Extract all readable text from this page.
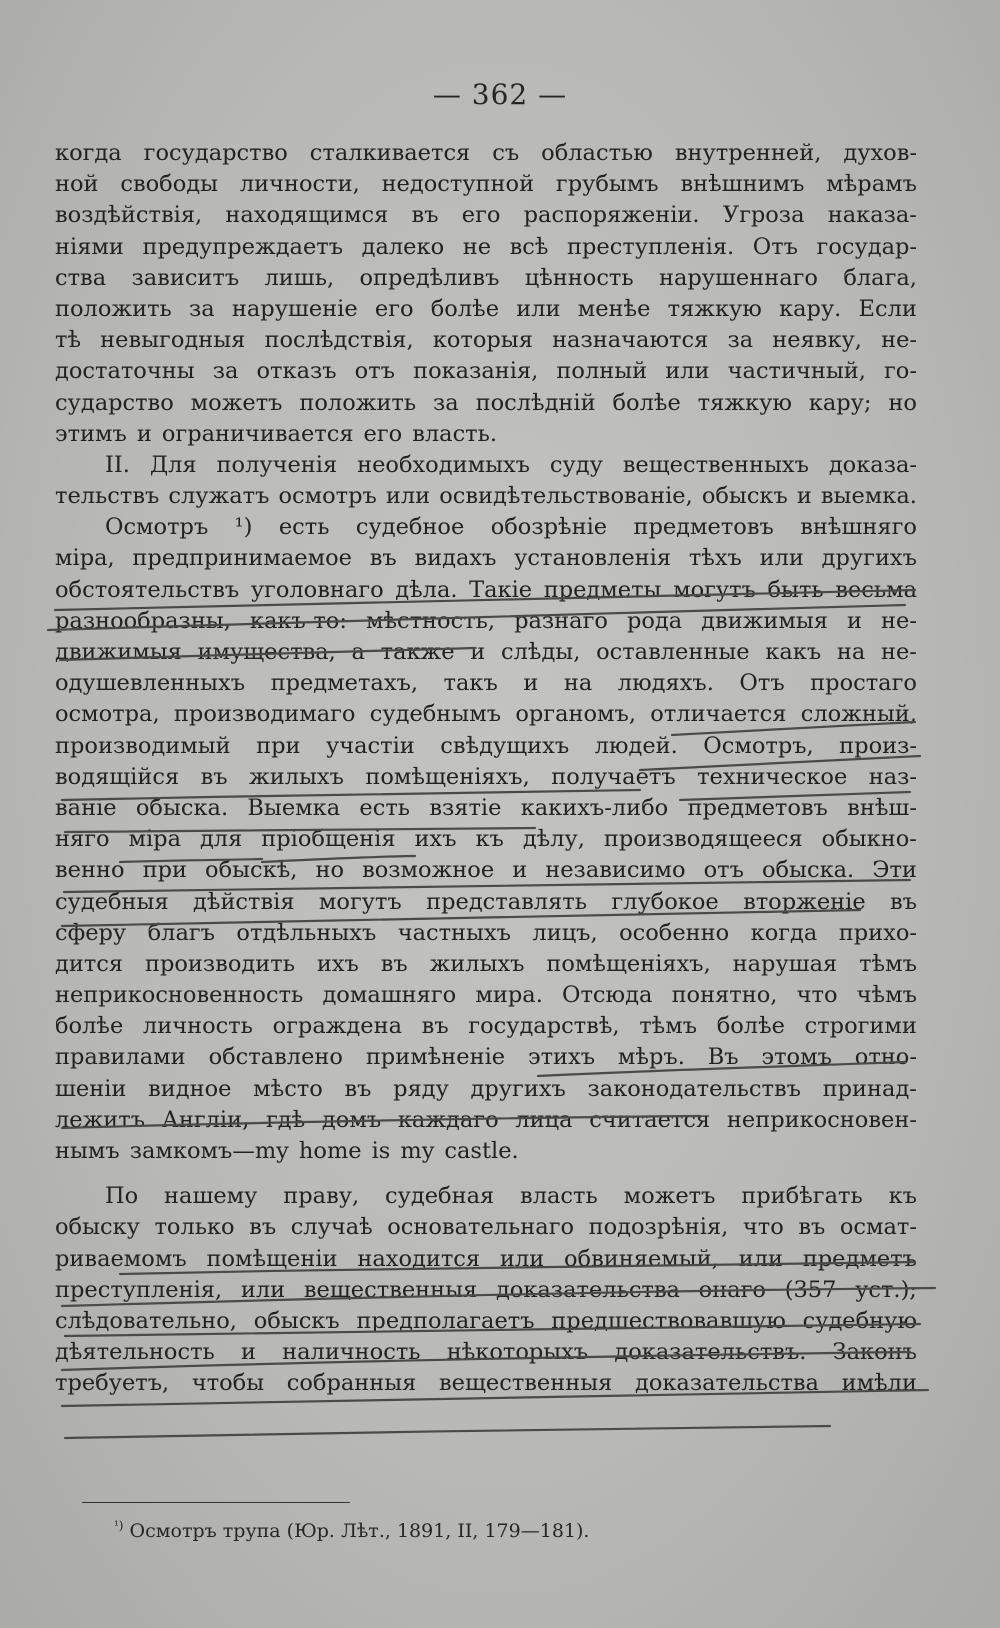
— 362 —
когда государство сталкивается съ областью внутренней, духов-
ной свободы личности, недоступной грубымъ внѣшнимъ мѣрамъ
воздѣйствія, находящимся въ его распоряженіи. Угроза наказа-
ніями предупреждаетъ далеко не всѣ преступленія. Отъ государ-
ства зависитъ лишь, опредѣливъ цѣнность нарушеннаго блага,
положить за нарушеніе его болѣе или менѣе тяжкую кару. Если
тѣ невыгодныя послѣдствія, которыя назначаются за неявку, не-
достаточны за отказъ отъ показанія, полный или частичный, го-
сударство можетъ положить за послѣдній болѣе тяжкую кару; но
этимъ и ограничивается его власть.
II. Для полученія необходимыхъ суду вещественныхъ доказа-
тельствъ служатъ осмотръ или освидѣтельствованіе, обыскъ и выемка.
Осмотръ ¹) есть судебное обозрѣніе предметовъ внѣшняго
міра, предпринимаемое въ видахъ установленія тѣхъ или другихъ
обстоятельствъ уголовнаго дѣла. Такіе предметы могутъ быть весьма
разнообразны, какъ-то: мѣстность, разнаго рода движимыя и не-
движимыя имущества, а также и слѣды, оставленные какъ на не-
одушевленныхъ предметахъ, такъ и на людяхъ. Отъ простаго
осмотра, производимаго судебнымъ органомъ, отличается сложный,
производимый при участіи свѣдущихъ людей. Осмотръ, произ-
водящійся въ жилыхъ помѣщеніяхъ, получаетъ техническое наз-
ваніе обыска. Выемка есть взятіе какихъ-либо предметовъ внѣш-
няго міра для пріобщенія ихъ къ дѣлу, производящееся обыкно-
венно при обыскѣ, но возможное и независимо отъ обыска. Эти
судебныя дѣйствія могутъ представлять глубокое вторженіе въ
сферу благъ отдѣльныхъ частныхъ лицъ, особенно когда прихо-
дится производить ихъ въ жилыхъ помѣщеніяхъ, нарушая тѣмъ
неприкосновенность домашняго мира. Отсюда понятно, что чѣмъ
болѣе личность ограждена въ государствѣ, тѣмъ болѣе строгими
правилами обставлено примѣненіе этихъ мѣръ. Въ этомъ отно-
шеніи видное мѣсто въ ряду другихъ законодательствъ принад-
лежитъ Англіи, гдѣ домъ каждаго лица считается неприкосновен-
нымъ замкомъ—my home is my castle.
По нашему праву, судебная власть можетъ прибѣгать къ
обыску только въ случаѣ основательнаго подозрѣнія, что въ осмат-
риваемомъ помѣщеніи находится или обвиняемый, или предметъ
преступленія, или вещественныя доказательства онаго (357 уст.);
слѣдовательно, обыскъ предполагаетъ предшествовавшую судебную
дѣятельность и наличность нѣкоторыхъ доказательствъ. Законъ
требуетъ, чтобы собранныя вещественныя доказательства имѣли
$^{^1)}$ Осмотръ трупа (Юр. Лѣт., 1891, II, 179—181).
